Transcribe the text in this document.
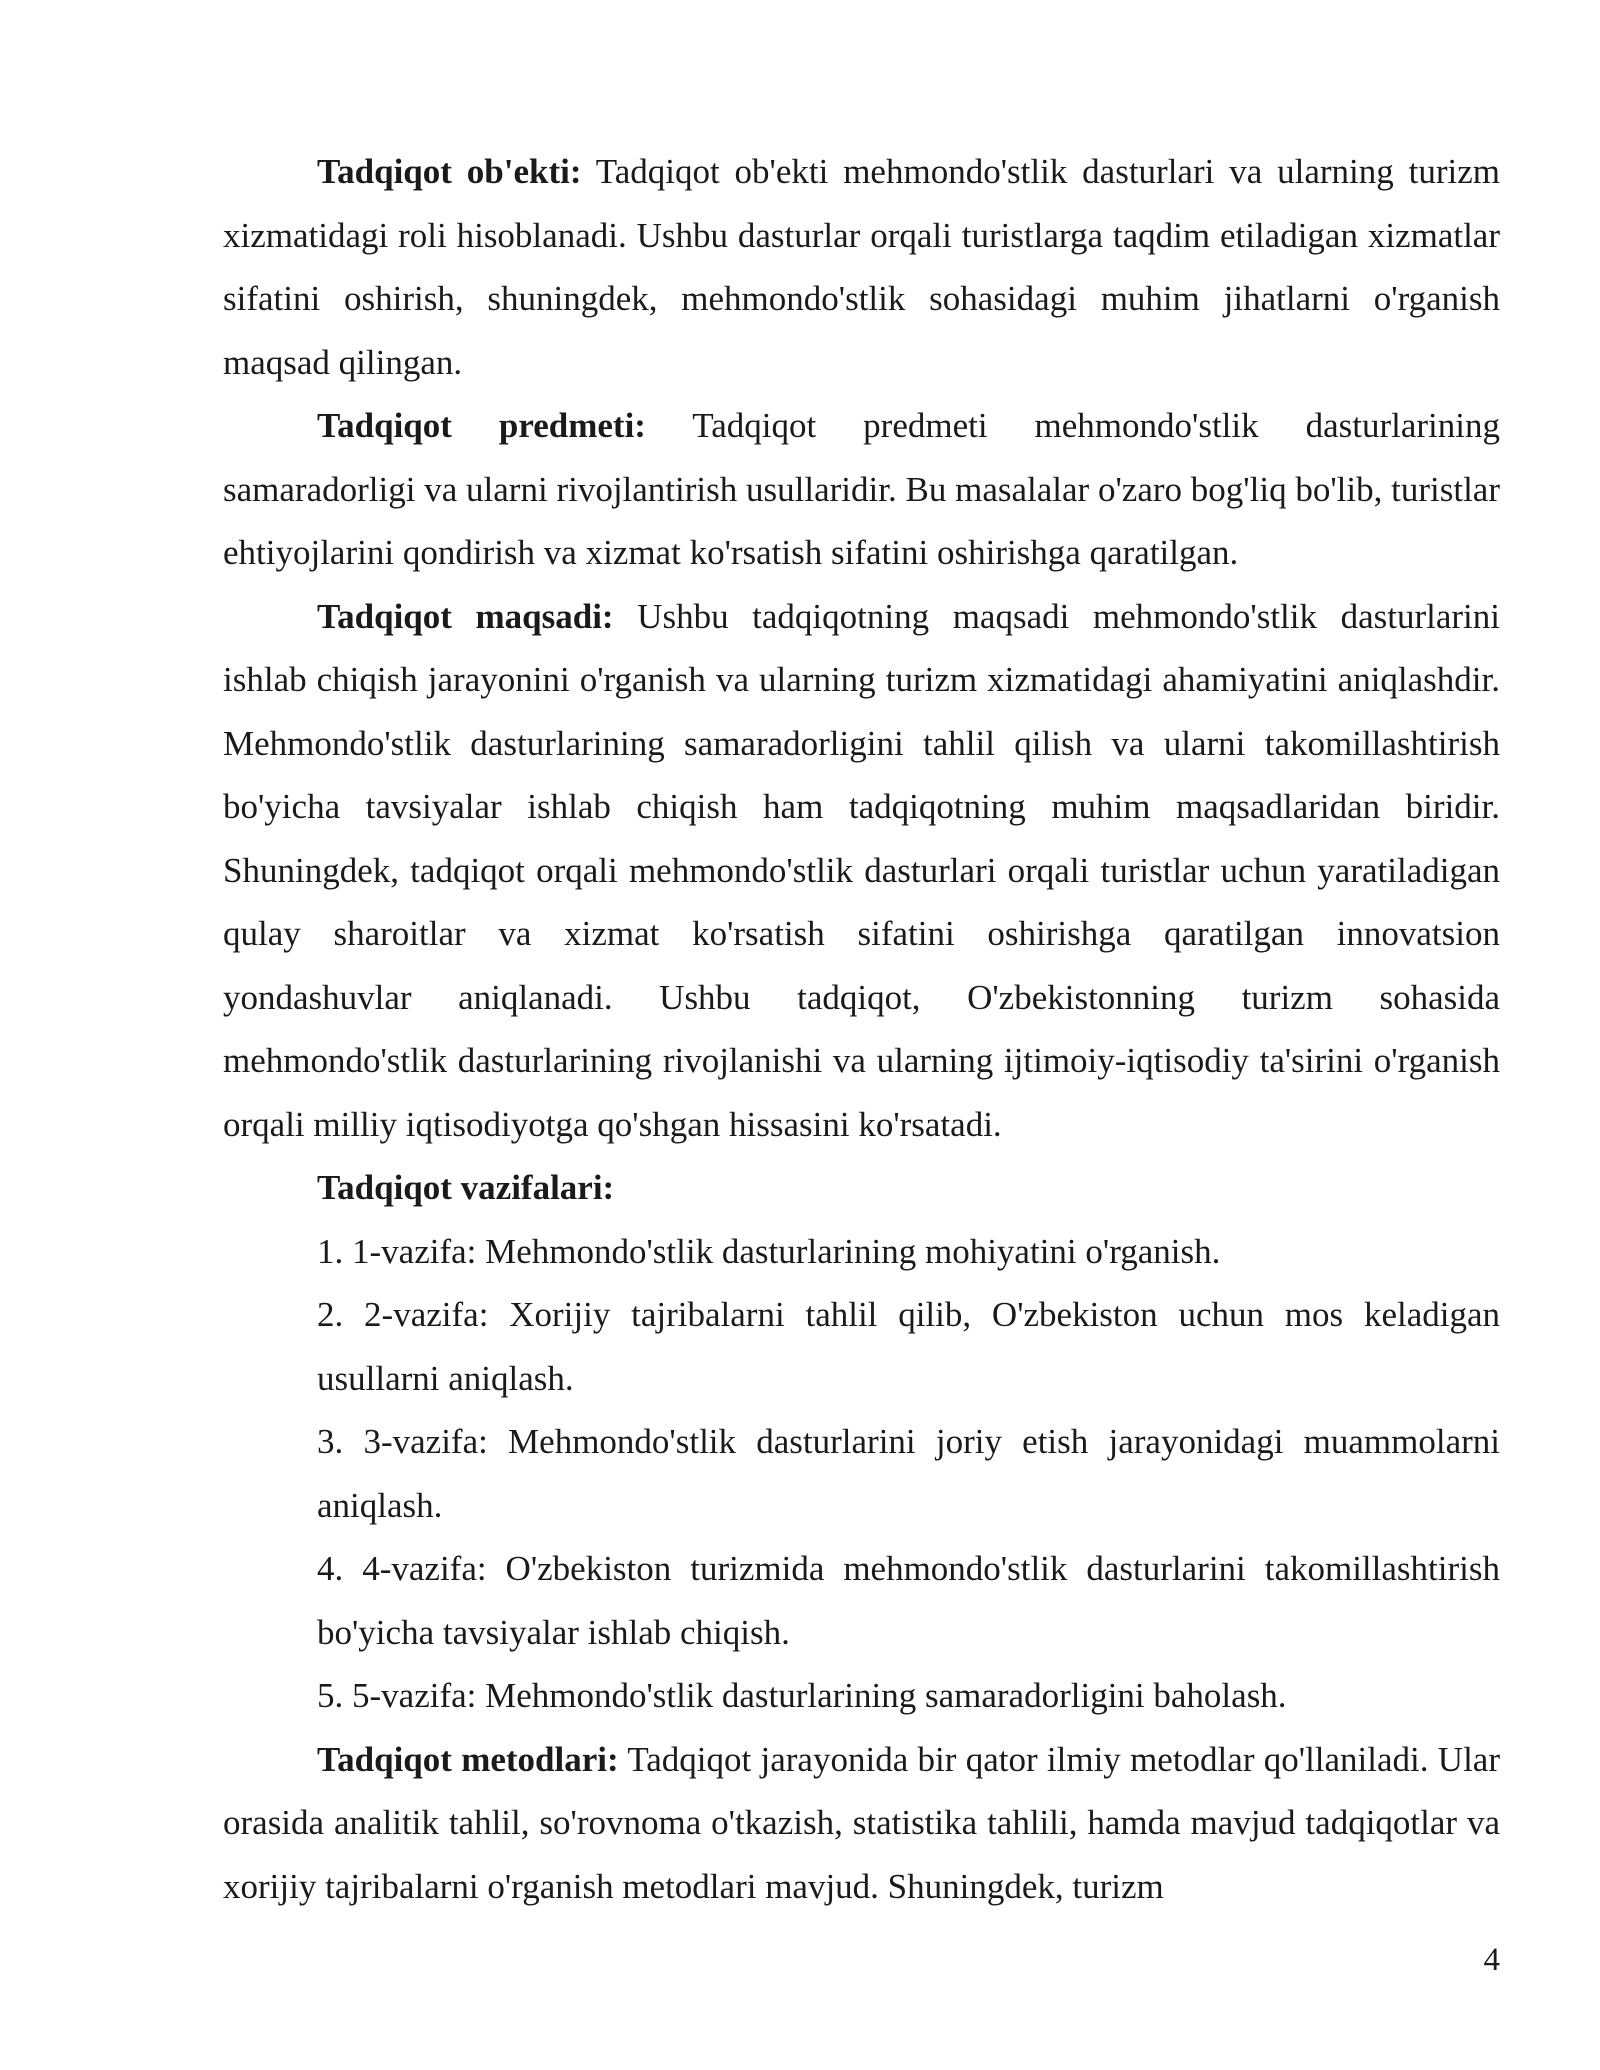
Tadqiqot ob'ekti: Tadqiqot ob'ekti mehmondo'stlik dasturlari va ularning turizm xizmatidagi roli hisoblanadi. Ushbu dasturlar orqali turistlarga taqdim etiladigan xizmatlar sifatini oshirish, shuningdek, mehmondo'stlik sohasidagi muhim jihatlarni o'rganish maqsad qilingan.

Tadqiqot predmeti: Tadqiqot predmeti mehmondo'stlik dasturlarining samaradorligi va ularni rivojlantirish usullaridir. Bu masalalar o'zaro bog'liq bo'lib, turistlar ehtiyojlarini qondirish va xizmat ko'rsatish sifatini oshirishga qaratilgan.

Tadqiqot maqsadi: Ushbu tadqiqotning maqsadi mehmondo'stlik dasturlarini ishlab chiqish jarayonini o'rganish va ularning turizm xizmatidagi ahamiyatini aniqlashdir. Mehmondo'stlik dasturlarining samaradorligini tahlil qilish va ularni takomillashtirish bo'yicha tavsiyalar ishlab chiqish ham tadqiqotning muhim maqsadlaridan biridir. Shuningdek, tadqiqot orqali mehmondo'stlik dasturlari orqali turistlar uchun yaratiladigan qulay sharoitlar va xizmat ko'rsatish sifatini oshirishga qaratilgan innovatsion yondashuvlar aniqlanadi. Ushbu tadqiqot, O'zbekistonning turizm sohasida mehmondo'stlik dasturlarining rivojlanishi va ularning ijtimoiy-iqtisodiy ta'sirini o'rganish orqali milliy iqtisodiyotga qo'shgan hissasini ko'rsatadi.

Tadqiqot vazifalari:

1. 1-vazifa: Mehmondo'stlik dasturlarining mohiyatini o'rganish.

2. 2-vazifa: Xorijiy tajribalarni tahlil qilib, O'zbekiston uchun mos keladigan usullarni aniqlash.

3. 3-vazifa: Mehmondo'stlik dasturlarini joriy etish jarayonidagi muammolarni aniqlash.

4. 4-vazifa: O'zbekiston turizmida mehmondo'stlik dasturlarini takomillashtirish bo'yicha tavsiyalar ishlab chiqish.

5. 5-vazifa: Mehmondo'stlik dasturlarining samaradorligini baholash.

Tadqiqot metodlari: Tadqiqot jarayonida bir qator ilmiy metodlar qo'llaniladi. Ular orasida analitik tahlil, so'rovnoma o'tkazish, statistika tahlili, hamda mavjud tadqiqotlar va xorijiy tajribalarni o'rganish metodlari mavjud. Shuningdek, turizm

4
